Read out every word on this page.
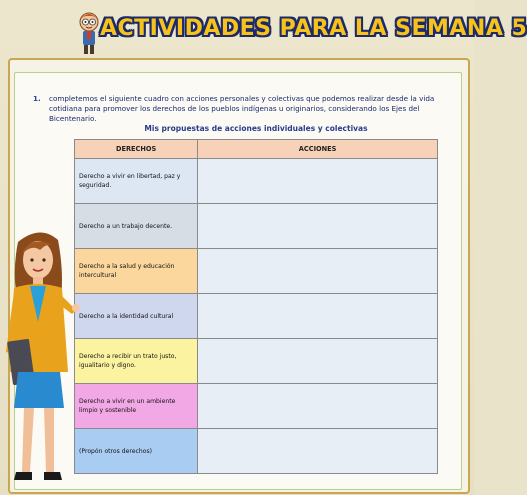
ACTIVIDADES PARA LA SEMANA 5
1. completemos el siguiente cuadro con acciones personales y colectivas que podemos realizar desde la vida cotidiana para promover los derechos de los pueblos indígenas u originarios, considerando los Ejes del Bicentenario.
Mis propuestas de acciones individuales y colectivas
DERECHOS	ACCIONES
Derecho a vivir en libertad, paz y seguridad.	
Derecho a un trabajo decente.	
Derecho a la salud y educación intercultural	
Derecho a la identidad cultural	
Derecho a recibir un trato justo, igualitario y digno.	
Derecho a vivir en un ambiente limpio y sostenible	
(Propón otros derechos)	
